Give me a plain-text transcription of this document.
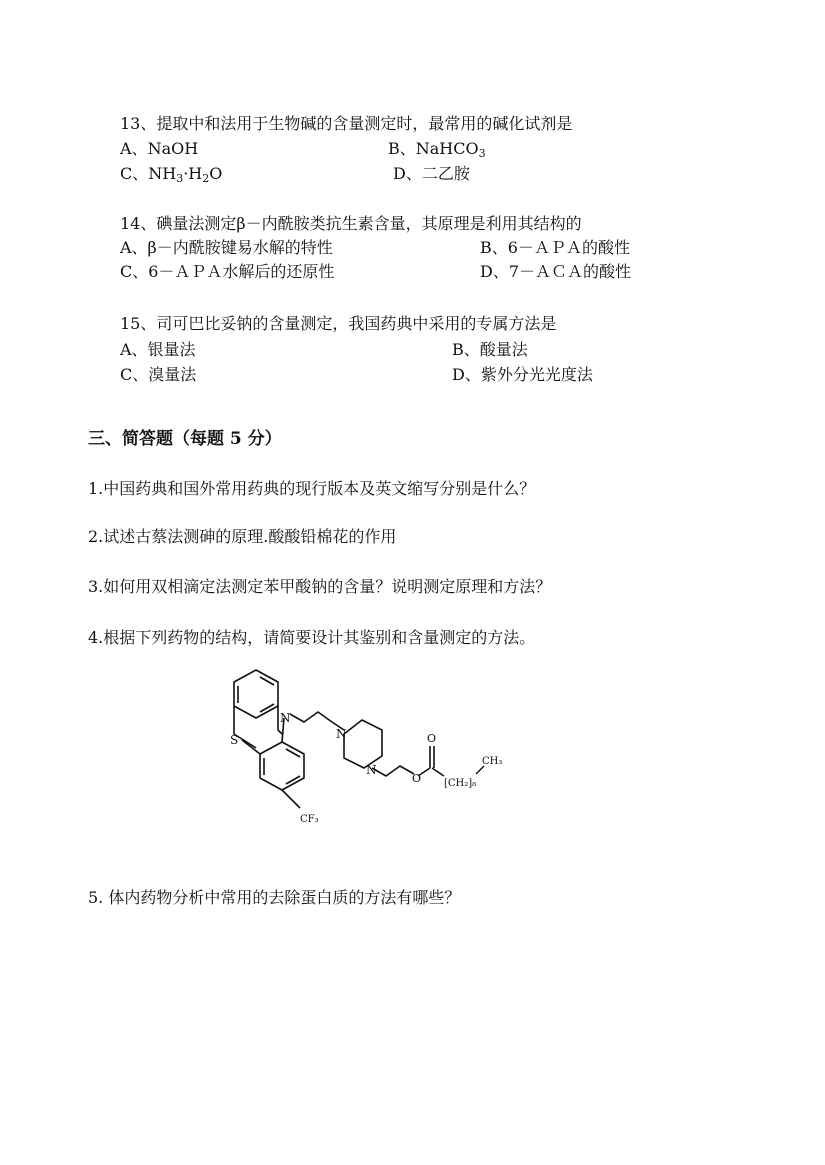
13、提取中和法用于生物碱的含量测定时，最常用的碱化试剂是
A、NaOH	B、NaHCO$_3$
C、$NH_3\cdot H_2O$	D、二乙胺
14、碘量法测定β－内酰胺类抗生素含量，其原理是利用其结构的
A、β－内酰胺键易水解的特性	B、6－ＡＰＡ的酸性
C、6－ＡＰＡ水解后的还原性	D、7－ＡＣＡ的酸性
15、司可巴比妥钠的含量测定，我国药典中采用的专属方法是
A、银量法	B、酸量法
C、溴量法	D、紫外分光光度法
三、简答题（每题 5 分）
1.中国药典和国外常用药典的现行版本及英文缩写分别是什么？
2.试述古蔡法测砷的原理.酸酸铅棉花的作用
3.如何用双相滴定法测定苯甲酸钠的含量？说明测定原理和方法？
4.根据下列药物的结构，请简要设计其鉴别和含量测定的方法。
N
S	N
N
O
O
[CH₂]₈
CH₃
CF₃
5. 体内药物分析中常用的去除蛋白质的方法有哪些？
